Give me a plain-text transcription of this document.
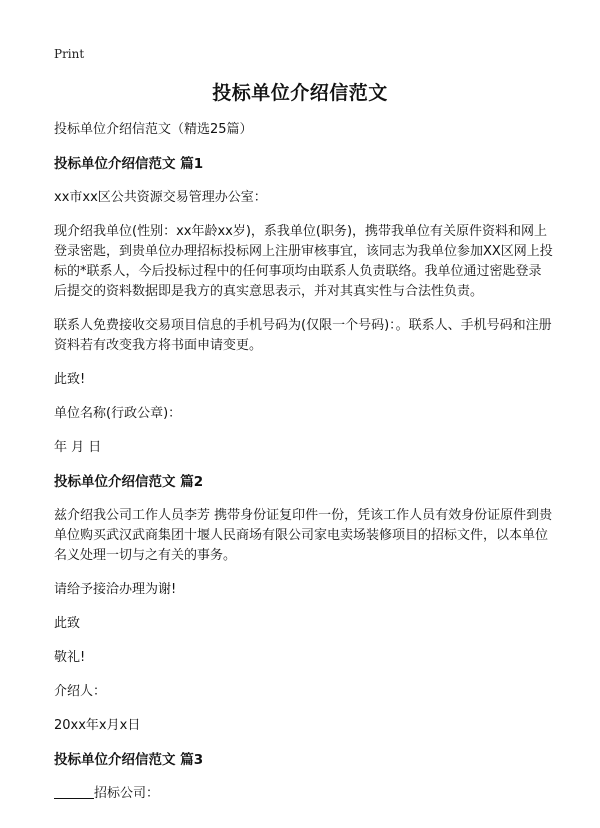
Print
投标单位介绍信范文

投标单位介绍信范文（精选25篇）

投标单位介绍信范文 篇1

xx市xx区公共资源交易管理办公室：

现介绍我单位(性别：xx年龄xx岁)，系我单位(职务)，携带我单位有关原件资料和网上登录密匙，到贵单位办理招标投标网上注册审核事宜，该同志为我单位参加XX区网上投标的*联系人，今后投标过程中的任何事项均由联系人负责联络。我单位通过密匙登录后提交的资料数据即是我方的真实意思表示，并对其真实性与合法性负责。

联系人免费接收交易项目信息的手机号码为(仅限一个号码)：。联系人、手机号码和注册资料若有改变我方将书面申请变更。

此致!

单位名称(行政公章)：

年 月 日

投标单位介绍信范文 篇2

兹介绍我公司工作人员李芳 携带身份证复印件一份，凭该工作人员有效身份证原件到贵单位购买武汉武商集团十堰人民商场有限公司家电卖场装修项目的招标文件，以本单位名义处理一切与之有关的事务。

请给予接洽办理为谢!

此致

敬礼!

介绍人：

20xx年x月x日

投标单位介绍信范文 篇3

招标公司：
